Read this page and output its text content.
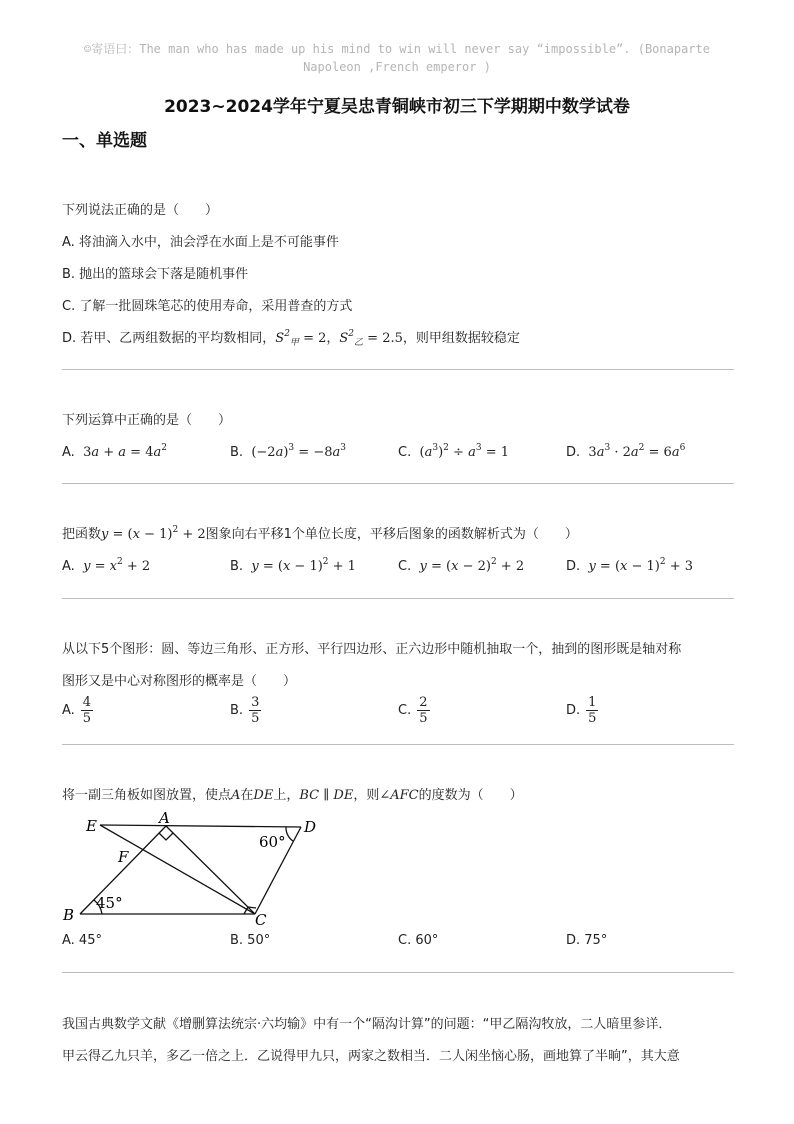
☺寄语曰：The man who has made up his mind to win will never say “impossible”. (Bonaparte
Napoleon ,French emperor )
2023~2024学年宁夏吴忠青铜峡市初三下学期期中数学试卷
一、单选题
下列说法正确的是（　　）
A. 将油滴入水中，油会浮在水面上是不可能事件
B. 抛出的篮球会下落是随机事件
C. 了解一批圆珠笔芯的使用寿命，采用普查的方式
D. 若甲、乙两组数据的平均数相同，$S^2_甲 = 2$，$S^2_乙 = 2.5$，则甲组数据较稳定
下列运算中正确的是（　　）
A.  $3a + a = 4a^2$	B.  $(-2a)^3 = -8a^3$	C.  $(a^3)^2 \div a^3 = 1$	D.  $3a^3 \cdot 2a^2 = 6a^6$
把函数$y = (x - 1)^2 + 2$图象向右平移1个单位长度，平移后图象的函数解析式为（　　）
A. $y = x^2 + 2$	B. $y = (x - 1)^2 + 1$	C. $y = (x - 2)^2 + 2$	D. $y = (x - 1)^2 + 3$
从以下5个图形：圆、等边三角形、正方形、平行四边形、正六边形中随机抽取一个，抽到的图形既是轴对称
图形又是中心对称图形的概率是（　　）
A. $\frac{4}{5}$	B. $\frac{3}{5}$	C. $\frac{2}{5}$	D. $\frac{1}{5}$
将一副三角板如图放置，使点A在DE上，BC ∥ DE，则∠AFC的度数为（　　）
E	A	D
F
B	C
60°
45°
A. 45°	B. 50°	C. 60°	D. 75°
我国古典数学文献《增删算法统宗·六均输》中有一个“隔沟计算”的问题：“甲乙隔沟牧放，二人暗里参详．
甲云得乙九只羊，多乙一倍之上．乙说得甲九只，两家之数相当．二人闲坐恼心肠，画地算了半晌”，其大意
